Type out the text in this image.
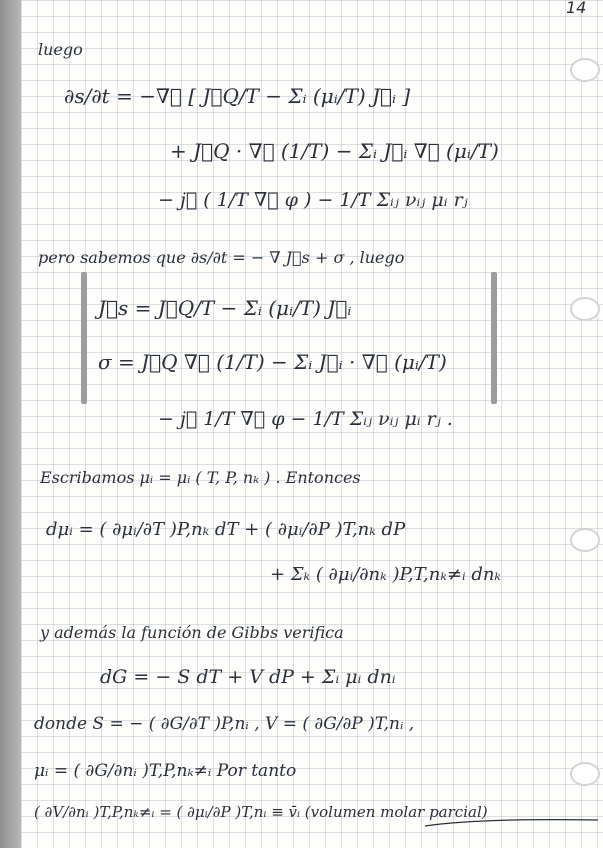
14
luego
∂s/∂t = −∇⃗ [ J⃗Q/T − Σᵢ (μᵢ/T) J⃗ᵢ ]
+ J⃗Q · ∇⃗ (1/T) − Σᵢ J⃗ᵢ ∇⃗ (μᵢ/T)
− j⃗ ( 1/T ∇⃗ φ ) − 1/T Σᵢⱼ νᵢⱼ μᵢ rⱼ
pero sabemos que ∂s/∂t = − ∇ J⃗s + σ , luego
J⃗s = J⃗Q/T − Σᵢ (μᵢ/T) J⃗ᵢ
σ = J⃗Q ∇⃗ (1/T) − Σᵢ J⃗ᵢ · ∇⃗ (μᵢ/T)
− j⃗ 1/T ∇⃗ φ − 1/T Σᵢⱼ νᵢⱼ μᵢ rⱼ .
Escribamos μᵢ = μᵢ ( T, P, nₖ ) . Entonces
dμᵢ = ( ∂μᵢ/∂T )P,nₖ dT + ( ∂μᵢ/∂P )T,nₖ dP
+ Σₖ ( ∂μᵢ/∂nₖ )P,T,nₖ≠ᵢ dnₖ
y además la función de Gibbs verifica
dG = − S dT + V dP + Σᵢ μᵢ dnᵢ
donde S = − ( ∂G/∂T )P,nᵢ , V = ( ∂G/∂P )T,nᵢ ,
μᵢ = ( ∂G/∂nᵢ )T,P,nₖ≠ᵢ Por tanto
( ∂V/∂nᵢ )T,P,nₖ≠ᵢ = ( ∂μᵢ/∂P )T,nᵢ ≡ v̄ᵢ (volumen molar parcial)
